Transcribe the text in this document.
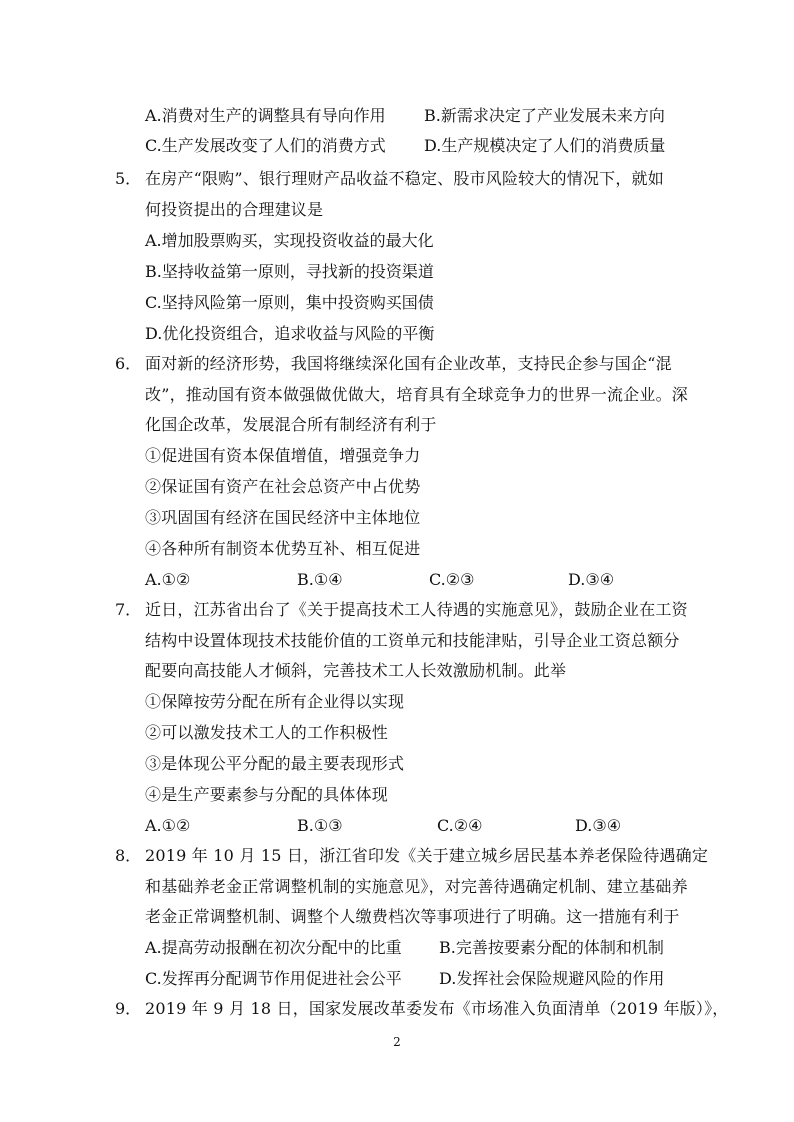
A.消费对生产的调整具有导向作用 B.新需求决定了产业发展未来方向
C.生产发展改变了人们的消费方式 D.生产规模决定了人们的消费质量
5． 在房产“限购”、银行理财产品收益不稳定、股市风险较大的情况下，就如
何投资提出的合理建议是
A.增加股票购买，实现投资收益的最大化
B.坚持收益第一原则，寻找新的投资渠道
C.坚持风险第一原则，集中投资购买国债
D.优化投资组合，追求收益与风险的平衡
6． 面对新的经济形势，我国将继续深化国有企业改革，支持民企参与国企“混
改”，推动国有资本做强做优做大，培育具有全球竞争力的世界一流企业。深
化国企改革，发展混合所有制经济有利于
①促进国有资本保值增值，增强竞争力
②保证国有资产在社会总资产中占优势
③巩固国有经济在国民经济中主体地位
④各种所有制资本优势互补、相互促进
A.①②	B.①④	C.②③	D.③④
7． 近日，江苏省出台了《关于提高技术工人待遇的实施意见》，鼓励企业在工资
结构中设置体现技术技能价值的工资单元和技能津贴，引导企业工资总额分
配要向高技能人才倾斜，完善技术工人长效激励机制。此举
①保障按劳分配在所有企业得以实现
②可以激发技术工人的工作积极性
③是体现公平分配的最主要表现形式
④是生产要素参与分配的具体体现
A.①②	B.①③	C.②④	D.③④
8． 2019 年 10 月 15 日，浙江省印发《关于建立城乡居民基本养老保险待遇确定
和基础养老金正常调整机制的实施意见》，对完善待遇确定机制、建立基础养
老金正常调整机制、调整个人缴费档次等事项进行了明确。这一措施有利于
A.提高劳动报酬在初次分配中的比重 B.完善按要素分配的体制和机制
C.发挥再分配调节作用促进社会公平 D.发挥社会保险规避风险的作用
9． 2019 年 9 月 18 日，国家发展改革委发布《市场准入负面清单（2019 年版）》，
2
